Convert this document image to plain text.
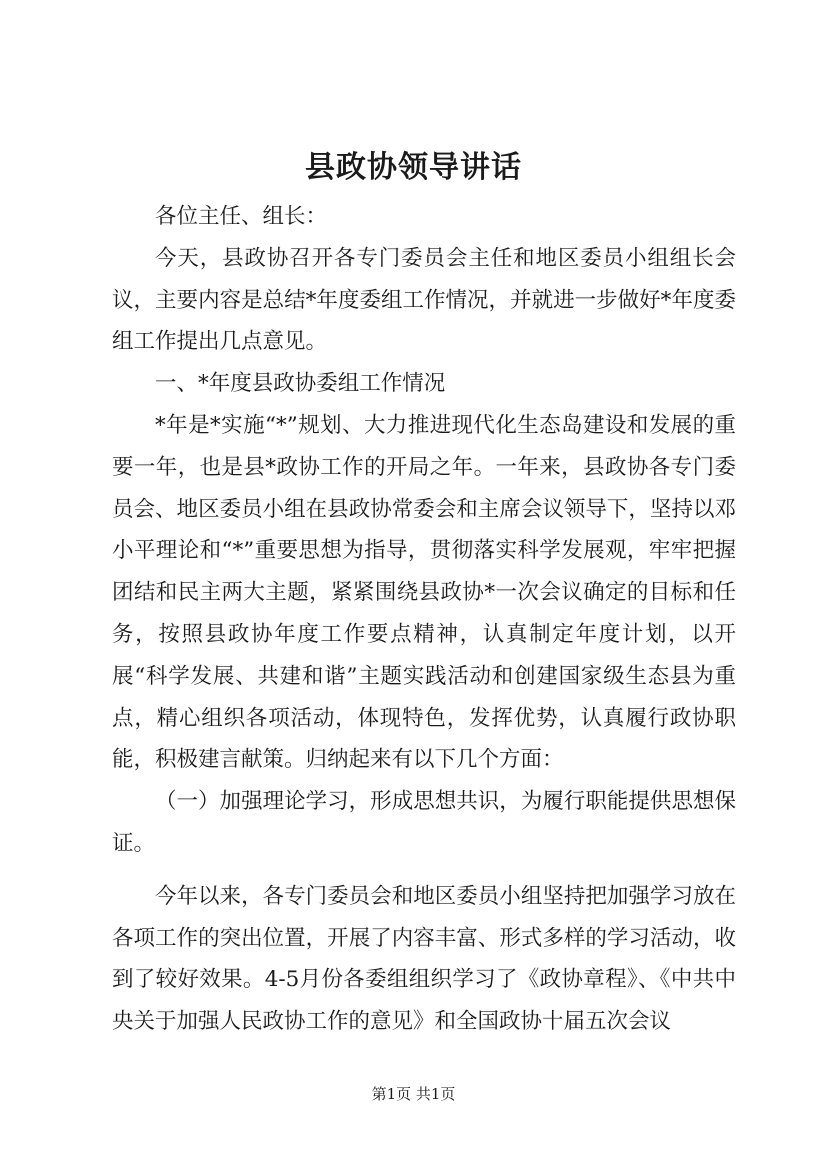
县政协领导讲话

各位主任、组长：

今天，县政协召开各专门委员会主任和地区委员小组组长会议，主要内容是总结*年度委组工作情况，并就进一步做好*年度委组工作提出几点意见。

一、*年度县政协委组工作情况

*年是*实施“*”规划、大力推进现代化生态岛建设和发展的重要一年，也是县*政协工作的开局之年。一年来，县政协各专门委员会、地区委员小组在县政协常委会和主席会议领导下，坚持以邓小平理论和“*”重要思想为指导，贯彻落实科学发展观，牢牢把握团结和民主两大主题，紧紧围绕县政协*一次会议确定的目标和任务，按照县政协年度工作要点精神，认真制定年度计划，以开展“科学发展、共建和谐”主题实践活动和创建国家级生态县为重点，精心组织各项活动，体现特色，发挥优势，认真履行政协职能，积极建言献策。归纳起来有以下几个方面：

（一）加强理论学习，形成思想共识，为履行职能提供思想保证。

今年以来，各专门委员会和地区委员小组坚持把加强学习放在各项工作的突出位置，开展了内容丰富、形式多样的学习活动，收到了较好效果。4-5月份各委组组织学习了《政协章程》、《中共中央关于加强人民政协工作的意见》和全国政协十届五次会议

第1页 共1页
